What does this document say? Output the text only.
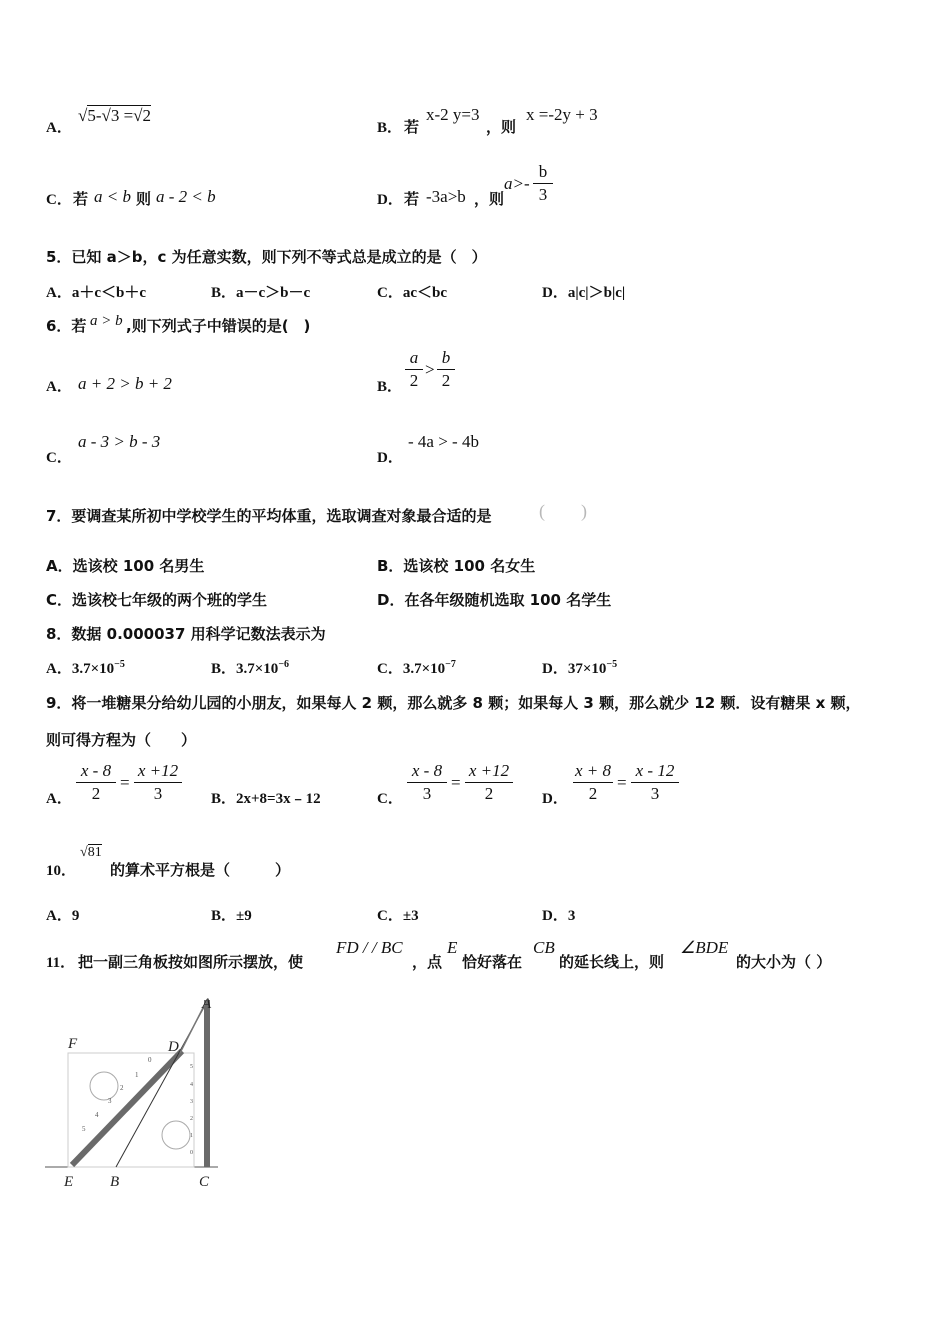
A．
√5-√3 =√2
B． 若
x-2 y=3
，则
x =-2y + 3
C． 若 a < b 则 a - 2 < b	D． 若 -3a>b ，则
a>-
b
3
5．已知 a＞b，c 为任意实数，则下列不等式总是成立的是（　）
A．a＋c＜b＋c	B．a－c＞b－c	C．ac＜bc	D．a|c|＞b|c|
6．若 a > b ,则下列式子中错误的是(　)
A． a + 2 > b + 2	B．
a
2
>
b
2
C．
a - 3 > b - 3
D．
- 4a > - 4b
7．要调查某所初中学校学生的平均体重，选取调查对象最合适的是	(　　)
A．选该校 100 名男生	B．选该校 100 名女生
C．选该校七年级的两个班的学生	D．在各年级随机选取 100 名学生
8．数据 0.000037 用科学记数法表示为
A．$3.7\times 10^{-5}$	B．$3.7\times 10^{-6}$	C．$3.7\times 10^{-7}$	D．$37\times 10^{-5}$
9．将一堆糖果分给幼儿园的小朋友，如果每人 2 颗，那么就多 8 颗；如果每人 3 颗，那么就少 12 颗．设有糖果 x 颗，
则可得方程为（　　）
A．
x - 8
2
=
x +12
3	B．2x+8=3x﹣12	C．
x - 8
3
=
x +12
2	D．
x + 8
2
=
x - 12
3
10．
√81
的算术平方根是（　　　）
A．9	B．±9	C．±3	D．3
11． 把一副三角板按如图所示摆放，使
FD / / BC
，点
E
恰好落在
CB
的延长线上，则
∠BDE
的大小为（ ）
0
1
2
3
4
5
5
4
3
2
1
0
A
F	D
E B	C
